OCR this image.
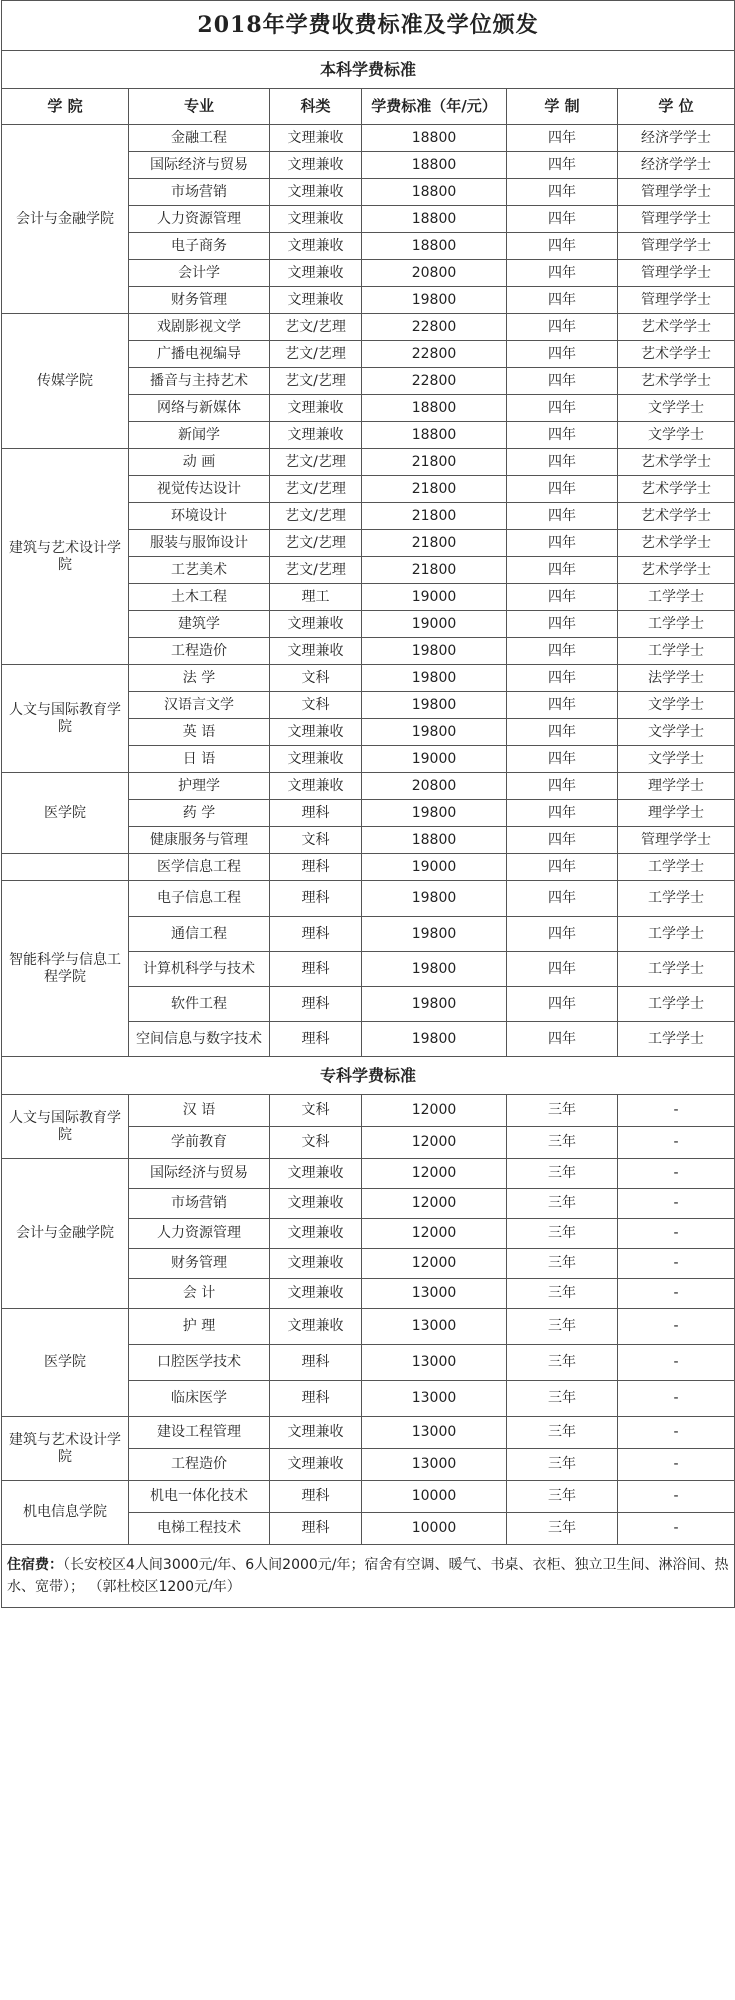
2018年学费收费标准及学位颁发					
本科学费标准					
学 院	专业	科类	学费标准（年/元）	学 制	学 位
会计与金融学院	金融工程	文理兼收	18800	四年	经济学学士
	国际经济与贸易	文理兼收	18800	四年	经济学学士
	市场营销	文理兼收	18800	四年	管理学学士
	人力资源管理	文理兼收	18800	四年	管理学学士
	电子商务	文理兼收	18800	四年	管理学学士
	会计学	文理兼收	20800	四年	管理学学士
	财务管理	文理兼收	19800	四年	管理学学士
传媒学院	戏剧影视文学	艺文/艺理	22800	四年	艺术学学士
	广播电视编导	艺文/艺理	22800	四年	艺术学学士
	播音与主持艺术	艺文/艺理	22800	四年	艺术学学士
	网络与新媒体	文理兼收	18800	四年	文学学士
	新闻学	文理兼收	18800	四年	文学学士
建筑与艺术设计学院	动 画	艺文/艺理	21800	四年	艺术学学士
	视觉传达设计	艺文/艺理	21800	四年	艺术学学士
	环境设计	艺文/艺理	21800	四年	艺术学学士
	服装与服饰设计	艺文/艺理	21800	四年	艺术学学士
	工艺美术	艺文/艺理	21800	四年	艺术学学士
	土木工程	理工	19000	四年	工学学士
	建筑学	文理兼收	19000	四年	工学学士
	工程造价	文理兼收	19800	四年	工学学士
人文与国际教育学院	法 学	文科	19800	四年	法学学士
	汉语言文学	文科	19800	四年	文学学士
	英 语	文理兼收	19800	四年	文学学士
	日 语	文理兼收	19000	四年	文学学士
医学院	护理学	文理兼收	20800	四年	理学学士
	药 学	理科	19800	四年	理学学士
	健康服务与管理	文科	18800	四年	管理学学士
	医学信息工程	理科	19000	四年	工学学士
智能科学与信息工程学院	电子信息工程	理科	19800	四年	工学学士
	通信工程	理科	19800	四年	工学学士
	计算机科学与技术	理科	19800	四年	工学学士
	软件工程	理科	19800	四年	工学学士
	空间信息与数字技术	理科	19800	四年	工学学士
专科学费标准					
人文与国际教育学院	汉 语	文科	12000	三年	-
	学前教育	文科	12000	三年	-
会计与金融学院	国际经济与贸易	文理兼收	12000	三年	-
	市场营销	文理兼收	12000	三年	-
	人力资源管理	文理兼收	12000	三年	-
	财务管理	文理兼收	12000	三年	-
	会 计	文理兼收	13000	三年	-
医学院	护 理	文理兼收	13000	三年	-
	口腔医学技术	理科	13000	三年	-
	临床医学	理科	13000	三年	-
建筑与艺术设计学院	建设工程管理	文理兼收	13000	三年	-
	工程造价	文理兼收	13000	三年	-
机电信息学院	机电一体化技术	理科	10000	三年	-
	电梯工程技术	理科	10000	三年	-
住宿费：（长安校区4人间3000元/年、6人间2000元/年；宿舍有空调、暖气、书桌、衣柜、独立卫生间、淋浴间、热水、宽带）； （郭杜校区1200元/年）					
